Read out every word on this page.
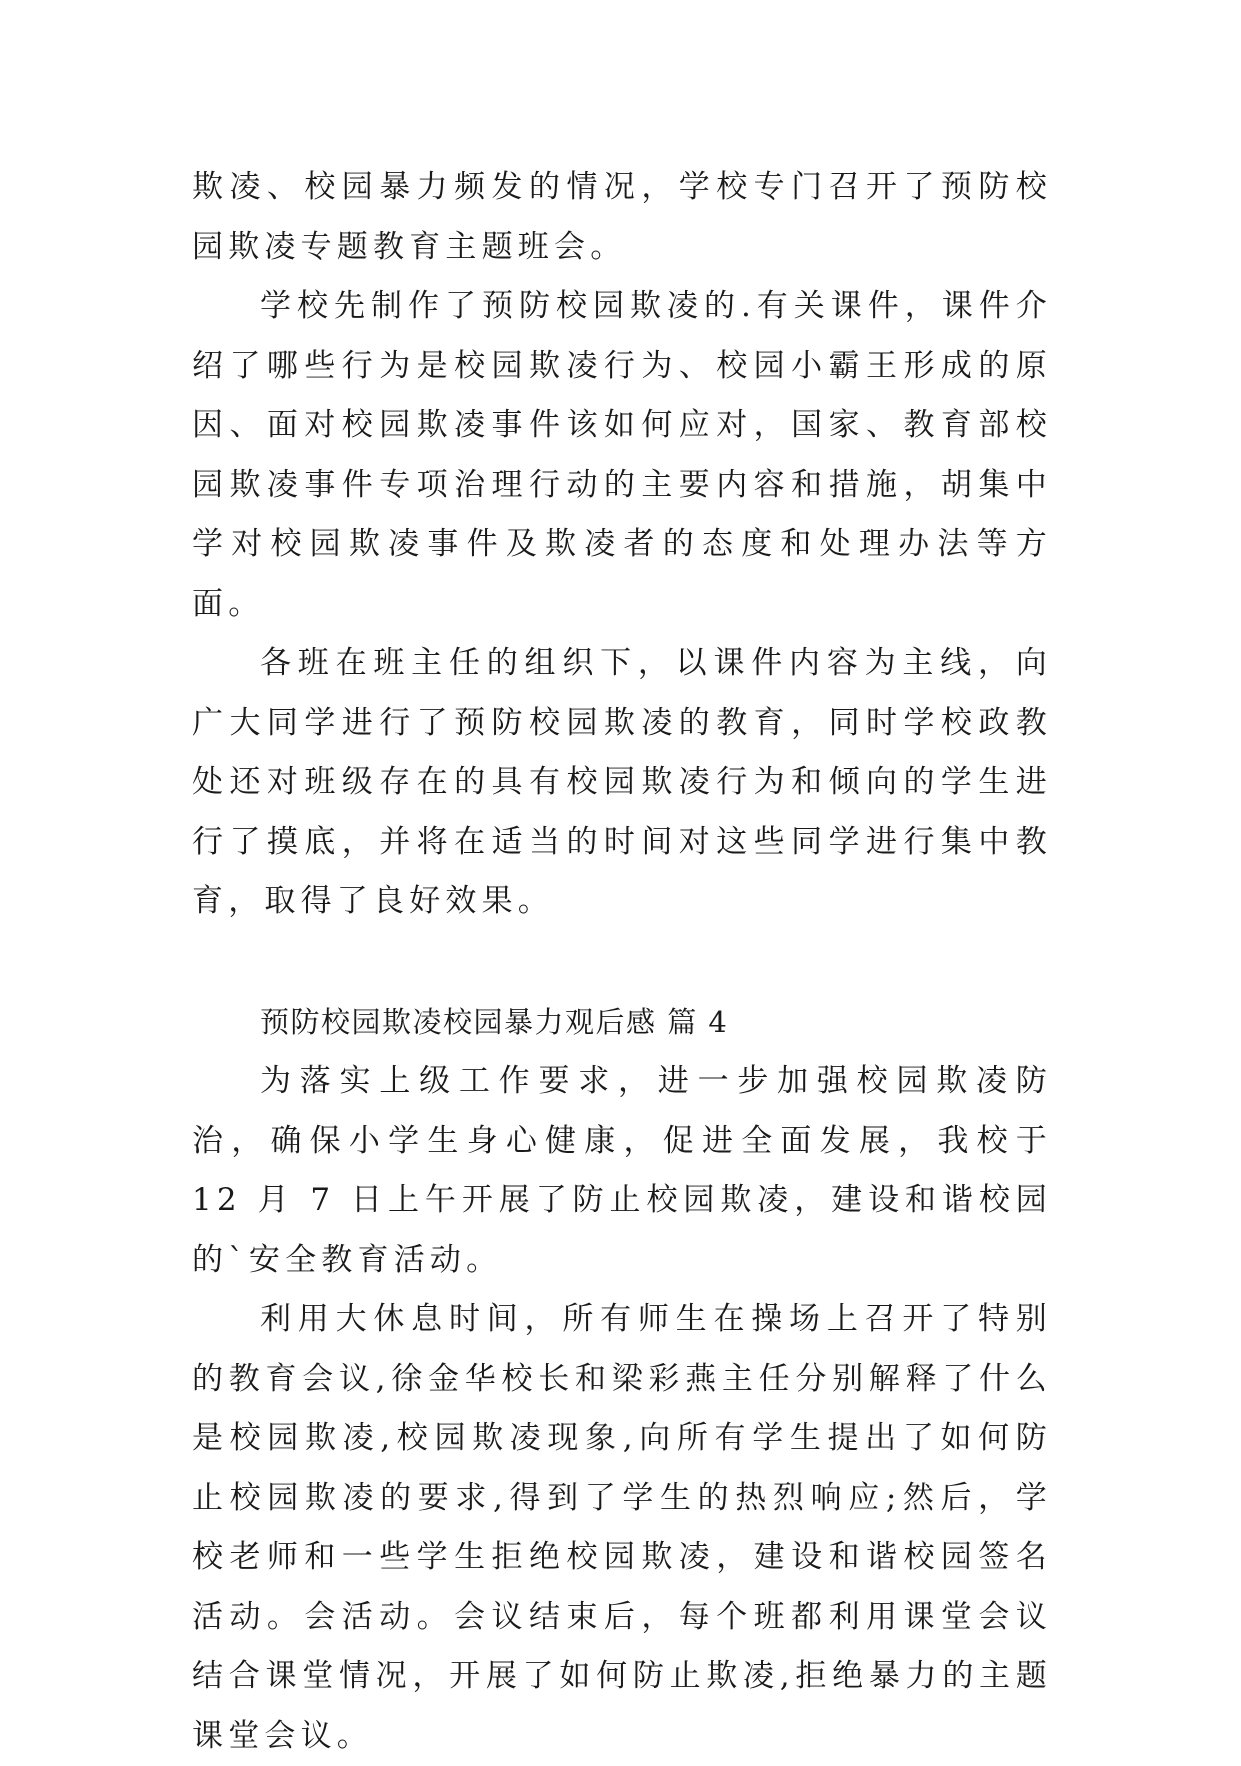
欺凌、校园暴力频发的情况，学校专门召开了预防校园欺凌专题教育主题班会。

学校先制作了预防校园欺凌的.有关课件，课件介绍了哪些行为是校园欺凌行为、校园小霸王形成的原因、面对校园欺凌事件该如何应对，国家、教育部校园欺凌事件专项治理行动的主要内容和措施，胡集中学对校园欺凌事件及欺凌者的态度和处理办法等方面。

各班在班主任的组织下，以课件内容为主线，向广大同学进行了预防校园欺凌的教育，同时学校政教处还对班级存在的具有校园欺凌行为和倾向的学生进行了摸底，并将在适当的时间对这些同学进行集中教育，取得了良好效果。

预防校园欺凌校园暴力观后感 篇 4

为落实上级工作要求，进一步加强校园欺凌防治，确保小学生身心健康，促进全面发展，我校于 12 月 7 日上午开展了防止校园欺凌，建设和谐校园的`安全教育活动。

利用大休息时间，所有师生在操场上召开了特别的教育会议,徐金华校长和梁彩燕主任分别解释了什么是校园欺凌,校园欺凌现象,向所有学生提出了如何防止校园欺凌的要求,得到了学生的热烈响应;然后，学校老师和一些学生拒绝校园欺凌，建设和谐校园签名活动。会活动。会议结束后，每个班都利用课堂会议结合课堂情况，开展了如何防止欺凌,拒绝暴力的主题课堂会议。
